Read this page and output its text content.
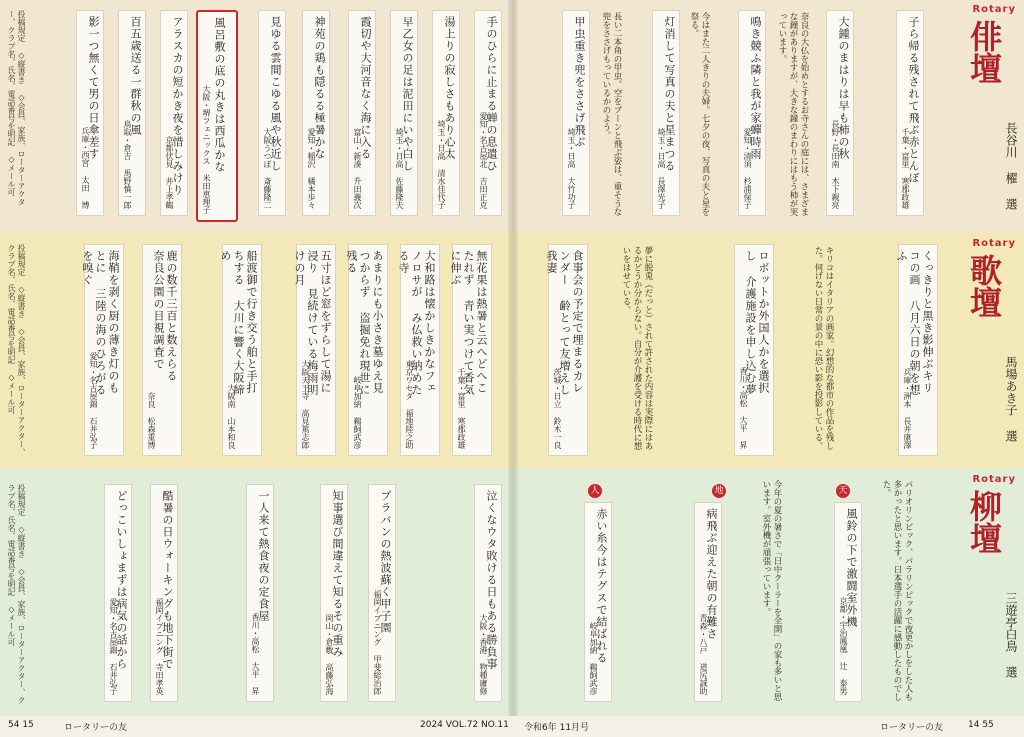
Rotary
俳壇
長谷川 櫂 選
Rotary
歌壇
馬場あき子 選
Rotary
柳壇
三遊亭白鳥 選
子ら帰る残されて飛ぶ赤とんぼ
千葉・富里 寒郡政雄
大鍾のまはりは早も柿の秋
長野・長田南 木下親亮
奈良の大仏を始めとするお寺さんの庭には、さまざまな鐘がありますが、大きな鐘のまわりにはもう柿が実っています。
鳴き競ふ隣と我が家蟬時雨
愛知・清須 杉浦保子
今はまた二人きりの夫婦。七夕の夜、写真の夫と星を祭る。
灯消して写真の夫と星まつる
埼玉・日高 長澤光子
長い二本角の甲虫。空をブーンと飛ぶ姿は、重そうな兜をささげもっているかのよう。
甲虫重き兜をささげ飛ぶ
埼玉・日高 大竹功子
手のひらに止まる蝉の息遣ひ
愛知・名古屋北 吉田正克
湯上りの寂しさもあり心太
埼玉・日高 清水佳代子
早乙女の足は泥田にいや白し
埼玉・日高 佐藤隆夫
霞切や大河音なく海に入る
富山・新湊 升田義次
神苑の鶏も隠るる極暑かな
愛知・稲沢 橘本歩々
見ゆる雲間こゆる風や秋近し
大阪うつぼ 斎藤隆二
風呂敷の底の丸きは西瓜かな
大阪・堺フェニックス 米田恵理子
アラスカの短かき夜を惜しみけり
京都伏見 井上孝鶴
百五歳送る一群秋の風
鳥取・倉吉 馬野慎一郎
影一つ無くて男の日傘差す
兵庫・西宮 太田 博
投稿規定 ◇縦書き ◇会員、家族、ローターアクター、クラブ名、氏名、電話番号を明記 ◇メール可
くっきりと黒き影伸ぶキリコの画 八月六日の朝を想ふ
兵庫・洲本 長井康澤
キリコはイタリアの画家。幻想的な都市の作品を残した。何げない日常の景の中に恐い影を投影している。
ロボットか外国人かを選択し 介護施設を申し込む夢
香川・高松 大平 昇
夢に脱兎（だっと）されて許された内容は実際にはあるかどうか分からない。自分が介護を受ける時代に想いをはせている。
食事会の予定で埋まるカレンダー 齢とって友増えし我妻
茨城・日立 鈴木一良
無花果は熱暑と云へどへこたれず 青い実つけて香気に伸ぶ
千葉・富里 寒郡政雄
大和路は懐かしきかなフェノロサが み仏救い納めたる寺
東京ワセダ 福地陸之助
あまりにも小さき墓ゆえ見つからず 盗掘免れ現世に残る
岐阜加納 鵜飼武彦
五寸ほど窓をずらして湯に浸り 見続けている梅雨明けの月
大阪天王寺 高見篤志郎
船渡御で行き交う舶と手打ちする 大川に響く大阪締め
大阪南 山本和良
鹿の数千三百と数えらる 奈良公園の目視調査で
奈良 松森重博
海鞘を剥く厨の薄き灯のもとに 三陸の海のひろがるを嗅ぐ
愛知・名古屋錦 石井弘子
投稿規定 ◇縦書き ◇会員、家族、ローターアクター、クラブ名、氏名、電話番号を明記 ◇メール可
パリオリンピック、パラリンピックで夜更かしをした人も多かったと思います。日本選手の活躍に感動したものでした。
天
風鈴の下で激闘室外機
京都・宇治鳳凰 辻 泰男
今年の夏の暑さで「日中クーラーを全開」の家も多いと思います。室外機が頑張っています。
地
病飛ぶ迎えた朝の有難さ
青森・八戸 道尻誠助
人
赤い糸今はテグスで結ばれる
岐阜加納 鵜飼武彦
泣くなウタ敗ける日もある勝負事
大阪・香港 物種庸修
プラバンの熱波蘇く甲子園
福岡イブニング 甲斐総治郎
知事選び間違えて知るその重み
岡山・倉敷 高藤弘海
一人来て熱食夜の定食屋
香川・高松 大平 昇
酷暑の日ウォーキングも地下街で
福岡イブニング 寺田孝英
どっこいしょまずは病気の話から
愛知・名古屋錦 石井弘子
投稿規定 ◇縦書き ◇会員、家族、ローターアクター、クラブ名、氏名、電話番号を明記 ◇メール可
54 15	ロータリーの友	2024 VOL.72 NO.11 令和6年 11月号	ロータリーの友	14 55
